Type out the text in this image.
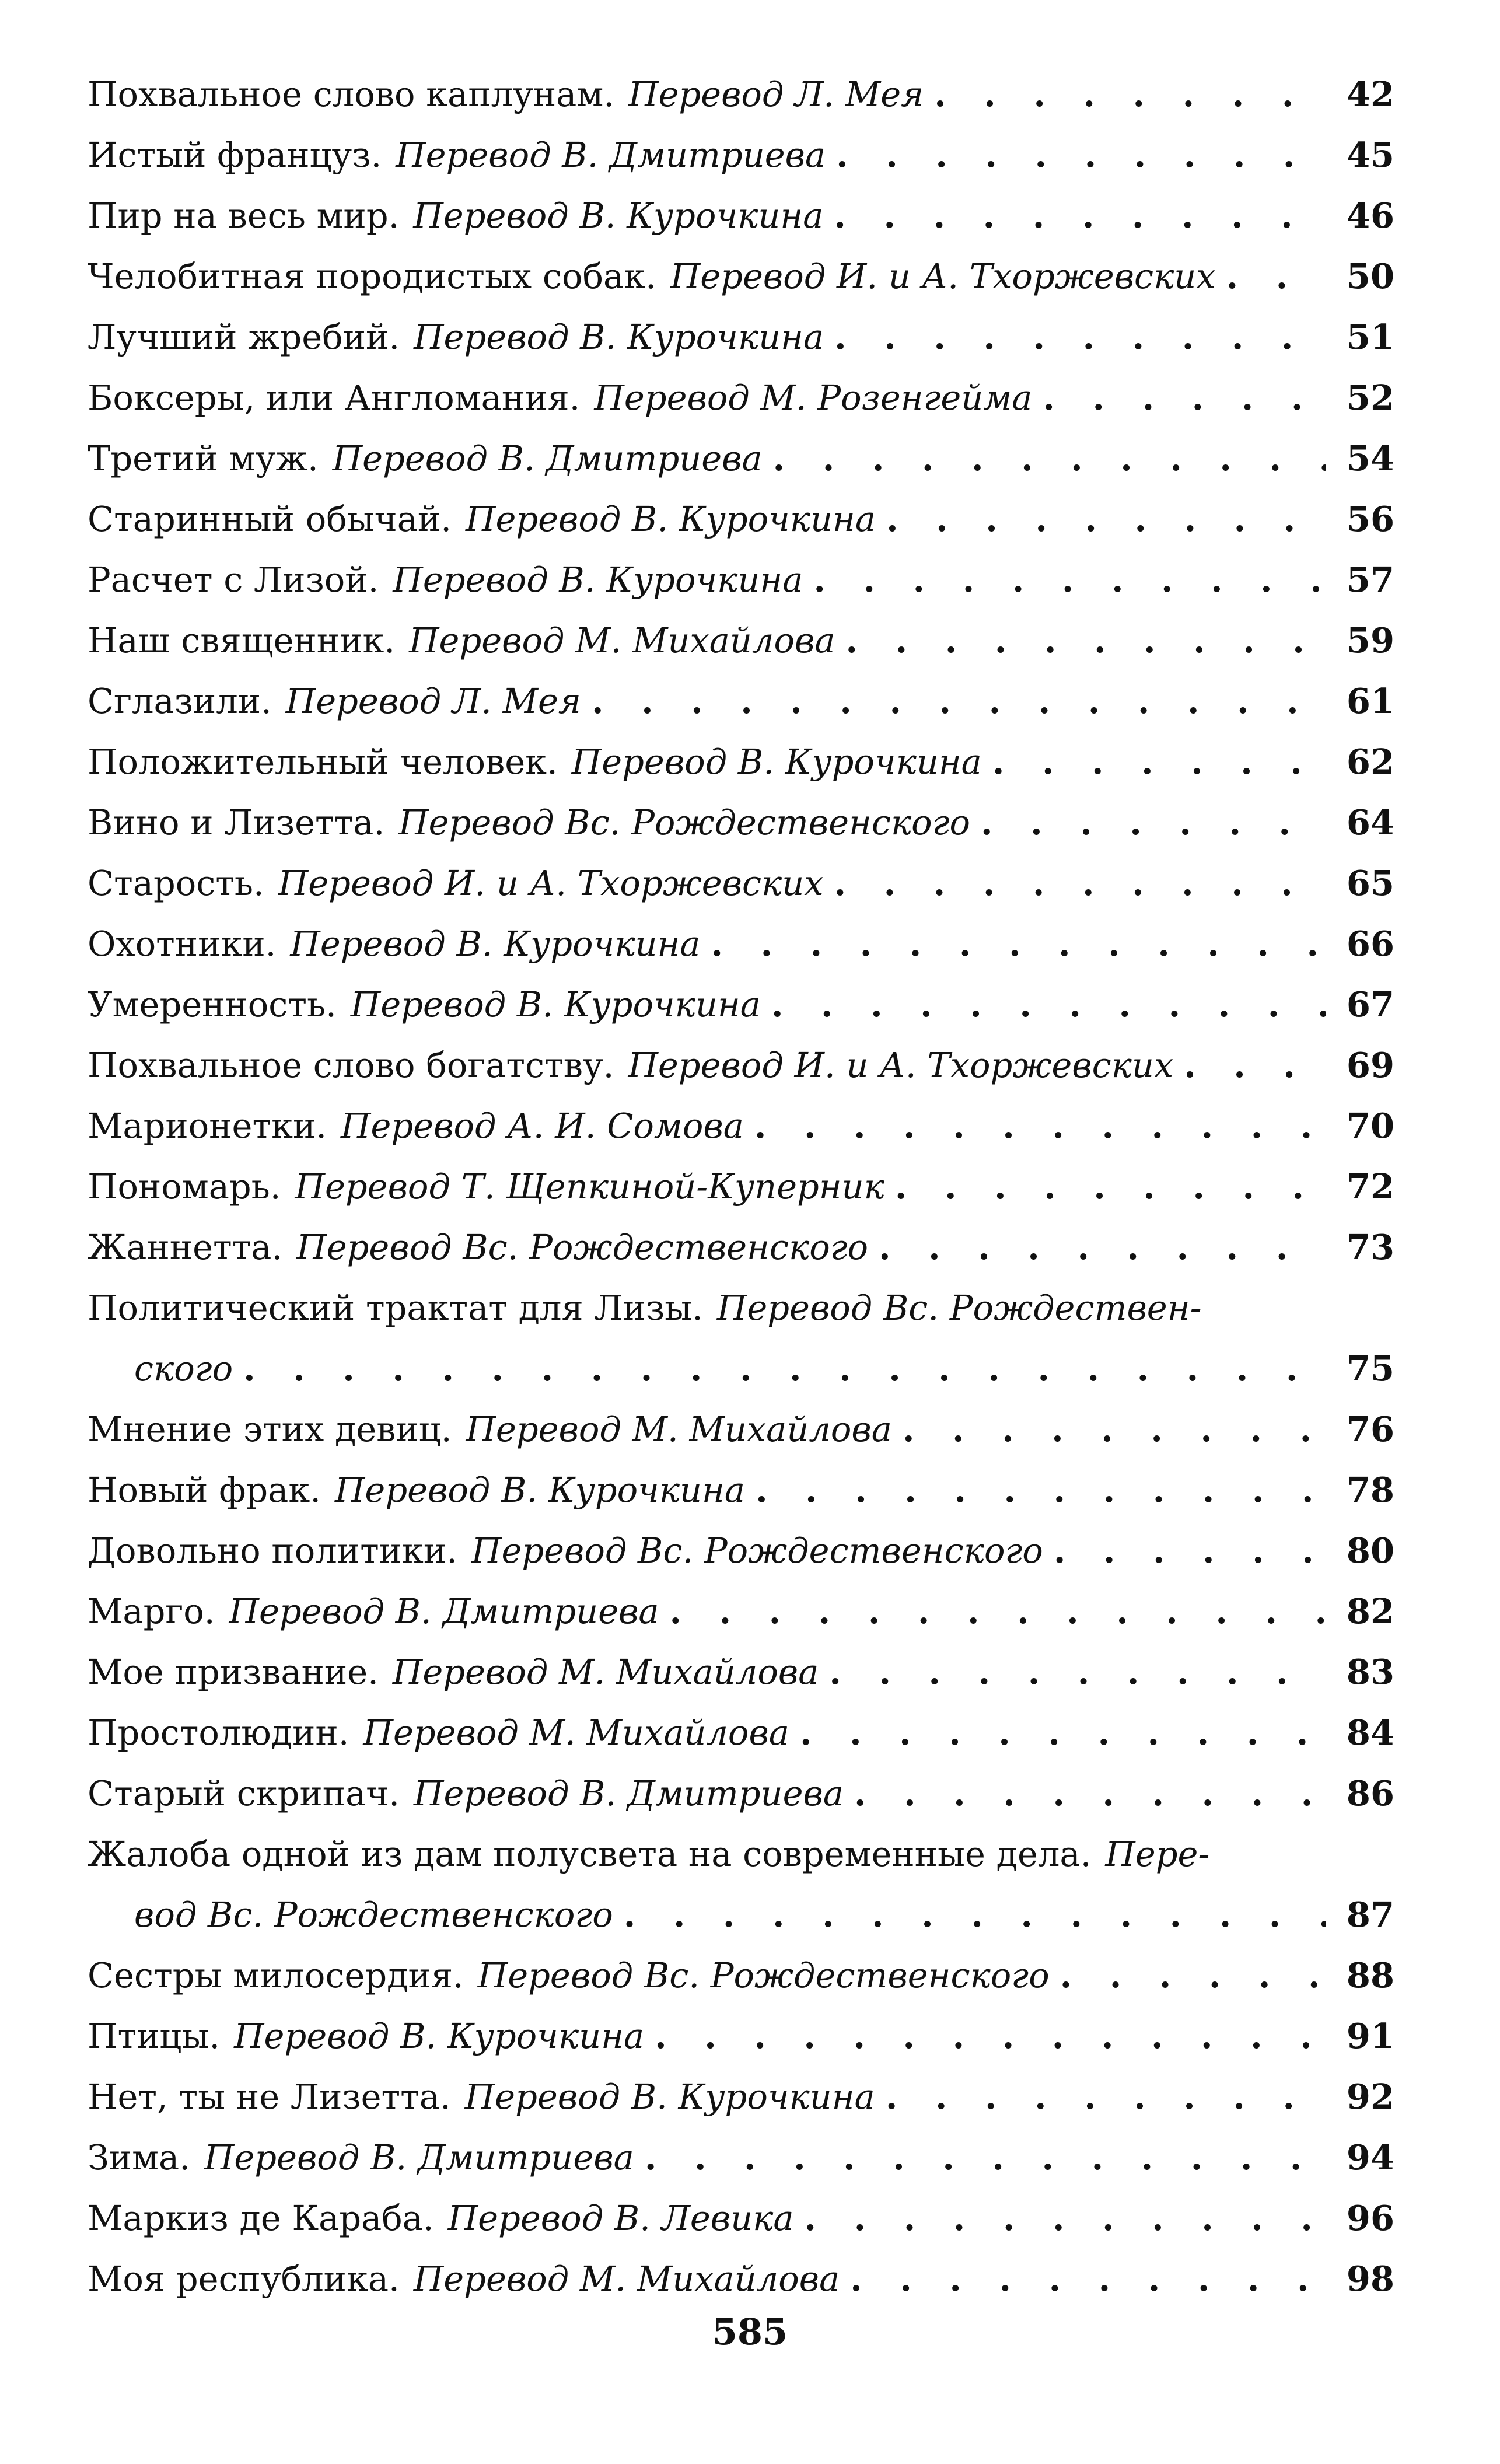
Похвальное слово каплунам. Перевод Л. Мея . . .	42
Истый француз. Перевод В. Дмитриева . . .	45
Пир на весь мир. Перевод В. Курочкина . . .	46
Челобитная породистых собак. Перевод И. и А. Тхоржевских . . .	50
Лучший жребий. Перевод В. Курочкина . . .	51
Боксеры, или Англомания. Перевод М. Розенгейма . . .	52
Третий муж. Перевод В. Дмитриева . . .	54
Старинный обычай. Перевод В. Курочкина . . .	56
Расчет с Лизой. Перевод В. Курочкина . . .	57
Наш священник. Перевод М. Михайлова . . .	59
Сглазили. Перевод Л. Мея . . .	61
Положительный человек. Перевод В. Курочкина . . .	62
Вино и Лизетта. Перевод Вс. Рождественского . . .	64
Старость. Перевод И. и А. Тхоржевских . . .	65
Охотники. Перевод В. Курочкина . . .	66
Умеренность. Перевод В. Курочкина . . .	67
Похвальное слово богатству. Перевод И. и А. Тхоржевских . . .	69
Марионетки. Перевод А. И. Сомова . . .	70
Пономарь. Перевод Т. Щепкиной-Куперник . . .	72
Жаннетта. Перевод Вс. Рождественского . . .	73
Политический трактат для Лизы. Перевод Вс. Рождествен-
ского . . .	75
Мнение этих девиц. Перевод М. Михайлова . . .	76
Новый фрак. Перевод В. Курочкина . . .	78
Довольно политики. Перевод Вс. Рождественского . . .	80
Марго. Перевод В. Дмитриева . . .	82
Мое призвание. Перевод М. Михайлова . . .	83
Простолюдин. Перевод М. Михайлова . . .	84
Старый скрипач. Перевод В. Дмитриева . . .	86
Жалоба одной из дам полусвета на современные дела. Пере-
вод Вс. Рождественского . . .	87
Сестры милосердия. Перевод Вс. Рождественского . . .	88
Птицы. Перевод В. Курочкина . . .	91
Нет, ты не Лизетта. Перевод В. Курочкина . . .	92
Зима. Перевод В. Дмитриева . . .	94
Маркиз де Караба. Перевод В. Левика . . .	96
Моя республика. Перевод М. Михайлова . . .	98
585
